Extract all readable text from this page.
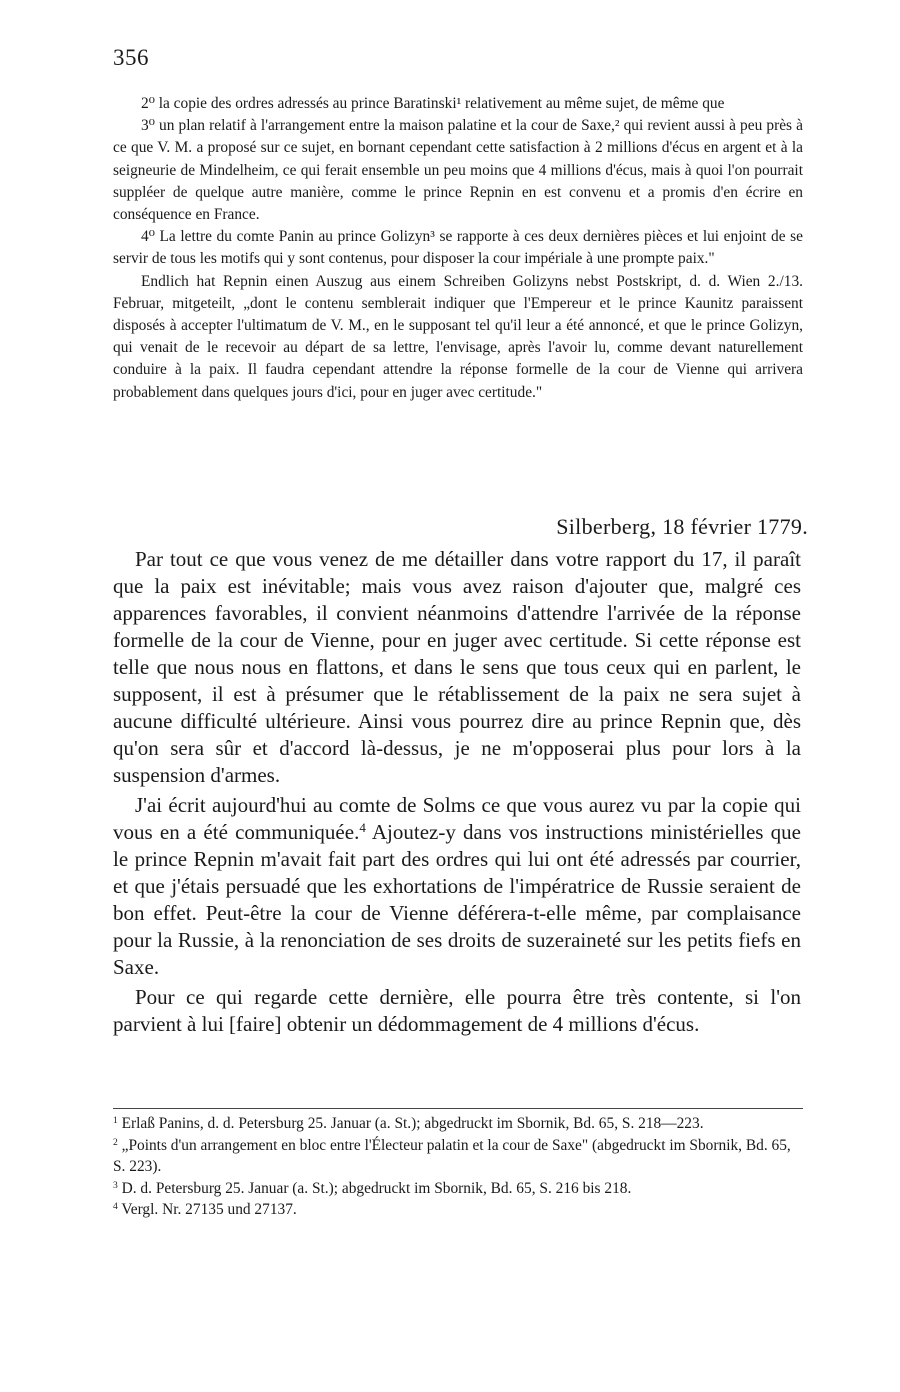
356

2⁰ la copie des ordres adressés au prince Baratinski¹ relativement au même sujet, de même que

3⁰ un plan relatif à l'arrangement entre la maison palatine et la cour de Saxe,² qui revient aussi à peu près à ce que V. M. a proposé sur ce sujet, en bornant cependant cette satisfaction à 2 millions d'écus en argent et à la seigneurie de Mindelheim, ce qui ferait ensemble un peu moins que 4 millions d'écus, mais à quoi l'on pourrait suppléer de quelque autre manière, comme le prince Repnin en est convenu et a promis d'en écrire en conséquence en France.

4⁰ La lettre du comte Panin au prince Golizyn³ se rapporte à ces deux dernières pièces et lui enjoint de se servir de tous les motifs qui y sont contenus, pour disposer la cour impériale à une prompte paix."

Endlich hat Repnin einen Auszug aus einem Schreiben Golizyns nebst Postskript, d. d. Wien 2./13. Februar, mitgeteilt, „dont le contenu semblerait indiquer que l'Empereur et le prince Kaunitz paraissent disposés à accepter l'ultimatum de V. M., en le supposant tel qu'il leur a été annoncé, et que le prince Golizyn, qui venait de le recevoir au départ de sa lettre, l'envisage, après l'avoir lu, comme devant naturellement conduire à la paix. Il faudra cependant attendre la réponse formelle de la cour de Vienne qui arrivera probablement dans quelques jours d'ici, pour en juger avec certitude."

Silberberg, 18 février 1779.

Par tout ce que vous venez de me détailler dans votre rapport du 17, il paraît que la paix est inévitable; mais vous avez raison d'ajouter que, malgré ces apparences favorables, il convient néanmoins d'attendre l'arrivée de la réponse formelle de la cour de Vienne, pour en juger avec certitude. Si cette réponse est telle que nous nous en flattons, et dans le sens que tous ceux qui en parlent, le supposent, il est à présumer que le rétablissement de la paix ne sera sujet à aucune difficulté ultérieure. Ainsi vous pourrez dire au prince Repnin que, dès qu'on sera sûr et d'accord là-dessus, je ne m'opposerai plus pour lors à la suspension d'armes.

J'ai écrit aujourd'hui au comte de Solms ce que vous aurez vu par la copie qui vous en a été communiquée.$^4$ Ajoutez-y dans vos instructions ministérielles que le prince Repnin m'avait fait part des ordres qui lui ont été adressés par courrier, et que j'étais persuadé que les exhortations de l'impératrice de Russie seraient de bon effet. Peut-être la cour de Vienne déférera-t-elle même, par complaisance pour la Russie, à la renonciation de ses droits de suzeraineté sur les petits fiefs en Saxe.

Pour ce qui regarde cette dernière, elle pourra être très contente, si l'on parvient à lui [faire] obtenir un dédommagement de 4 millions d'écus.

$^1$ Erlaß Panins, d. d. Petersburg 25. Januar (a. St.); abgedruckt im Sbornik, Bd. 65, S. 218—223.

$^2$ „Points d'un arrangement en bloc entre l'Électeur palatin et la cour de Saxe" (abgedruckt im Sbornik, Bd. 65, S. 223).

$^3$ D. d. Petersburg 25. Januar (a. St.); abgedruckt im Sbornik, Bd. 65, S. 216 bis 218.

$^4$ Vergl. Nr. 27135 und 27137.
